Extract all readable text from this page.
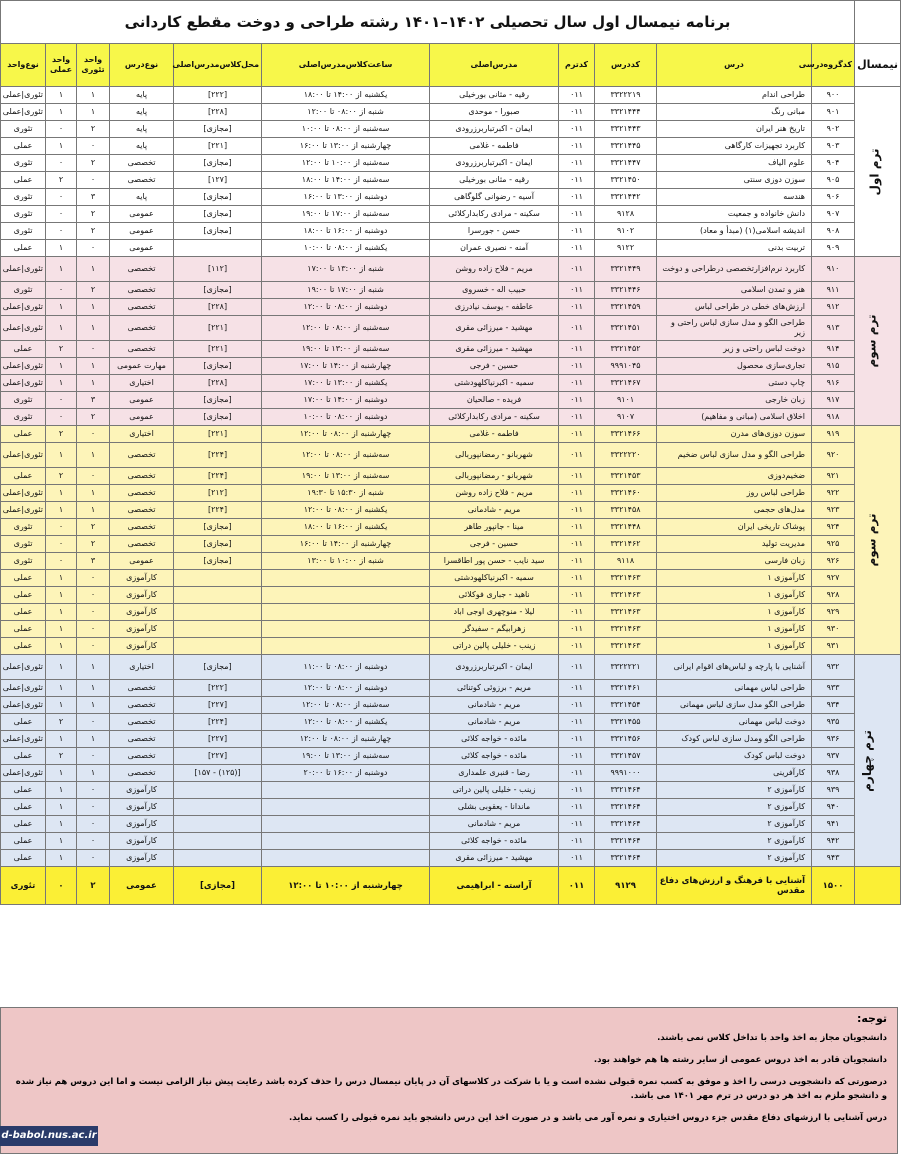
	برنامه نیمسال اول سال تحصیلی ۱۴۰۲–۱۴۰۱ رشته طراحی و دوخت مقطع کاردانی										
نیمسال	کدگروه‌درسی	درس	کددرس	کدترم	مدرس‌اصلی	ساعت‌کلاس‌مدرس‌اصلی	محل‌کلاس‌مدرس‌اصلی	نوع‌درس	واحد تئوری	واحد عملی	نوع‌واحد
ترم اول	۹۰۰	طراحی اندام	۳۳۲۲۲۱۹	۰۱۱	رقیه - مثانی بورخیلی	یکشنبه از ۱۴:۰۰ تا ۱۸:۰۰	[۲۲۲]	پایه	۱	۱	تئوری|عملی
	۹۰۱	مبانی رنگ	۳۳۲۱۴۴۴	۰۱۱	صبورا - موحدی	شنبه از ۰۸:۰۰ تا ۱۲:۰۰	[۲۲۸]	پایه	۱	۱	تئوری|عملی
	۹۰۲	تاریخ هنر ایران	۳۳۲۱۴۴۳	۰۱۱	ایمان - اکبرتباربرزرودی	سه‌شنبه از ۰۸:۰۰ تا ۱۰:۰۰	[مجازی]	پایه	۲	۰	تئوری
	۹۰۳	کاربرد تجهیزات کارگاهی	۳۳۲۱۴۴۵	۰۱۱	فاطمه - غلامی	چهارشنبه از ۱۳:۰۰ تا ۱۶:۰۰	[۲۲۱]	پایه	۰	۱	عملی
	۹۰۴	علوم الیاف	۳۳۲۱۴۴۷	۰۱۱	ایمان - اکبرتباربرزرودی	سه‌شنبه از ۱۰:۰۰ تا ۱۲:۰۰	[مجازی]	تخصصی	۲	۰	تئوری
	۹۰۵	سوزن دوزی سنتی	۳۳۲۱۴۵۰	۰۱۱	رقیه - مثانی بورخیلی	سه‌شنبه از ۱۴:۰۰ تا ۱۸:۰۰	[۱۲۷]	تخصصی	۰	۲	عملی
	۹۰۶	هندسه	۳۳۲۱۴۴۲	۰۱۱	آسیه - رضوانی گلوگاهی	دوشنبه از ۱۳:۰۰ تا ۱۶:۰۰	[مجازی]	پایه	۳	۰	تئوری
	۹۰۷	دانش خانواده و جمعیت	۹۱۲۸	۰۱۱	سکینه - مرادی رکابدارکلائی	سه‌شنبه از ۱۷:۰۰ تا ۱۹:۰۰	[مجازی]	عمومی	۲	۰	تئوری
	۹۰۸	اندیشه اسلامی(۱) (مبدأ و معاد)	۹۱۰۲	۰۱۱	حسن - جورسرا	دوشنبه از ۱۶:۰۰ تا ۱۸:۰۰	[مجازی]	عمومی	۲	۰	تئوری
	۹۰۹	تربیت بدنی	۹۱۲۲	۰۱۱	آمنه - نصیری عمران	یکشنبه از ۰۸:۰۰ تا ۱۰:۰۰		عمومی	۰	۱	عملی
ترم سوم	۹۱۰	کاربرد نرم‌افزارتخصصی درطراحی و دوخت	۳۳۲۱۴۴۹	۰۱۱	مریم - فلاح زاده روشن	شنبه از ۱۳:۰۰ تا ۱۷:۰۰	[۱۱۲]	تخصصی	۱	۱	تئوری|عملی
	۹۱۱	هنر و تمدن اسلامی	۳۳۲۱۴۴۶	۰۱۱	حبیب اله - خسروی	شنبه از ۱۷:۰۰ تا ۱۹:۰۰	[مجازی]	تخصصی	۲	۰	تئوری
	۹۱۲	ارزش‌های خطی در طراحی لباس	۳۳۲۱۴۵۹	۰۱۱	عاطفه - یوسف نیادرزی	دوشنبه از ۰۸:۰۰ تا ۱۲:۰۰	[۲۲۸]	تخصصی	۱	۱	تئوری|عملی
	۹۱۳	طراحی الگو و مدل سازی لباس راحتی و زیر	۳۳۲۱۴۵۱	۰۱۱	مهشید - میرزائی مقری	سه‌شنبه از ۰۸:۰۰ تا ۱۲:۰۰	[۲۲۱]	تخصصی	۱	۱	تئوری|عملی
	۹۱۴	دوخت لباس راحتی و زیر	۳۳۲۱۴۵۲	۰۱۱	مهشید - میرزائی مقری	سه‌شنبه از ۱۳:۰۰ تا ۱۹:۰۰	[۲۲۱]	تخصصی	۰	۲	عملی
	۹۱۵	تجاری‌سازی محصول	۹۹۹۱۰۴۵	۰۱۱	حسین - فرجی	چهارشنبه از ۱۴:۰۰ تا ۱۷:۰۰	[مجازی]	مهارت عمومی	۱	۱	تئوری|عملی
	۹۱۶	چاپ دستی	۳۳۲۱۴۶۷	۰۱۱	سمیه - اکبرنیاکلهودشتی	یکشنبه از ۱۳:۰۰ تا ۱۷:۰۰	[۲۲۸]	اختیاری	۱	۱	تئوری|عملی
	۹۱۷	زبان خارجی	۹۱۰۱	۰۱۱	فریده - صالحیان	دوشنبه از ۱۴:۰۰ تا ۱۷:۰۰	[مجازی]	عمومی	۳	۰	تئوری
	۹۱۸	اخلاق اسلامی (مبانی و مفاهیم)	۹۱۰۷	۰۱۱	سکینه - مرادی رکابدارکلائی	دوشنبه از ۰۸:۰۰ تا ۱۰:۰۰	[مجازی]	عمومی	۲	۰	تئوری
ترم سوم	۹۱۹	سوزن دوزی‌های مدرن	۳۳۲۱۴۶۶	۰۱۱	فاطمه - غلامی	چهارشنبه از ۰۸:۰۰ تا ۱۲:۰۰	[۲۲۱]	اختیاری	۰	۲	عملی
	۹۲۰	طراحی الگو و مدل سازی لباس ضخیم	۳۳۲۲۲۲۰	۰۱۱	شهربانو - رمضانپوربالی	سه‌شنبه از ۰۸:۰۰ تا ۱۲:۰۰	[۲۲۴]	تخصصی	۱	۱	تئوری|عملی
	۹۲۱	ضخیم‌دوزی	۳۳۲۱۴۵۳	۰۱۱	شهربانو - رمضانپوربالی	سه‌شنبه از ۱۳:۰۰ تا ۱۹:۰۰	[۲۲۴]	تخصصی	۰	۲	عملی
	۹۲۲	طراحی لباس روز	۳۳۲۱۴۶۰	۰۱۱	مریم - فلاح زاده روشن	شنبه از ۱۵:۳۰ تا ۱۹:۳۰	[۲۱۲]	تخصصی	۱	۱	تئوری|عملی
	۹۲۳	مدل‌های حجمی	۳۳۲۱۴۵۸	۰۱۱	مریم - شادمانی	یکشنبه از ۰۸:۰۰ تا ۱۲:۰۰	[۲۲۴]	تخصصی	۱	۱	تئوری|عملی
	۹۲۴	پوشاک تاریخی ایران	۳۳۲۱۴۴۸	۰۱۱	مینا - جانپور طاهر	یکشنبه از ۱۶:۰۰ تا ۱۸:۰۰	[مجازی]	تخصصی	۲	۰	تئوری
	۹۲۵	مدیریت تولید	۳۳۲۱۴۶۲	۰۱۱	حسین - فرجی	چهارشنبه از ۱۴:۰۰ تا ۱۶:۰۰	[مجازی]	تخصصی	۲	۰	تئوری
	۹۲۶	زبان فارسی	۹۱۱۸	۰۱۱	سید نایب - حسن پور اطاقسرا	شنبه از ۱۰:۰۰ تا ۱۳:۰۰	[مجازی]	عمومی	۳	۰	تئوری
	۹۲۷	کارآموزی ۱	۳۳۲۱۴۶۳	۰۱۱	سمیه - اکبرنیاکلهودشتی			کارآموزی	۰	۱	عملی
	۹۲۸	کارآموزی ۱	۳۳۲۱۴۶۳	۰۱۱	ناهید - جباری فوکلائی			کارآموزی	۰	۱	عملی
	۹۲۹	کارآموزی ۱	۳۳۲۱۴۶۳	۰۱۱	لیلا - منوچهری اوجی اباد			کارآموزی	۰	۱	عملی
	۹۳۰	کارآموزی ۱	۳۳۲۱۴۶۳	۰۱۱	زهرابیگم - سفیدگر			کارآموزی	۰	۱	عملی
	۹۳۱	کارآموزی ۱	۳۳۲۱۴۶۳	۰۱۱	زینب - خلیلی پالین دراتی			کارآموزی	۰	۱	عملی
ترم چهارم	۹۳۲	آشنایی با پارچه و لباس‌های اقوام ایرانی	۳۳۲۲۲۲۱	۰۱۱	ایمان - اکبرتباربرزرودی	دوشنبه از ۰۸:۰۰ تا ۱۱:۰۰	[مجازی]	اختیاری	۱	۱	تئوری|عملی
	۹۳۳	طراحی لباس مهمانی	۳۳۲۱۴۶۱	۰۱۱	مریم - برزوئی کوتنائی	دوشنبه از ۰۸:۰۰ تا ۱۲:۰۰	[۲۲۲]	تخصصی	۱	۱	تئوری|عملی
	۹۳۴	طراحی الگو مدل سازی لباس مهمانی	۳۳۲۱۴۵۴	۰۱۱	مریم - شادمانی	سه‌شنبه از ۰۸:۰۰ تا ۱۲:۰۰	[۲۲۷]	تخصصی	۱	۱	تئوری|عملی
	۹۳۵	دوخت لباس مهمانی	۳۳۲۱۴۵۵	۰۱۱	مریم - شادمانی	یکشنبه از ۰۸:۰۰ تا ۱۲:۰۰	[۲۲۴]	تخصصی	۰	۲	عملی
	۹۳۶	طراحی الگو ومدل سازی لباس کودک	۳۳۲۱۴۵۶	۰۱۱	مائده - خواجه کلائی	چهارشنبه از ۰۸:۰۰ تا ۱۲:۰۰	[۲۲۷]	تخصصی	۱	۱	تئوری|عملی
	۹۳۷	دوخت لباس کودک	۳۳۲۱۴۵۷	۰۱۱	مائده - خواجه کلائی	سه‌شنبه از ۱۳:۰۰ تا ۱۹:۰۰	[۲۲۷]	تخصصی	۰	۲	عملی
	۹۳۸	کارآفرینی	۹۹۹۱۰۰۰	۰۱۱	رضا - قنبری علمداری	دوشنبه از ۱۶:۰۰ تا ۲۰:۰۰	[(۱۲۵) - ۱۵۷]	تخصصی	۱	۱	تئوری|عملی
	۹۳۹	کارآموزی ۲	۳۳۲۱۴۶۴	۰۱۱	زینب - خلیلی پالین دراتی			کارآموزی	۰	۱	عملی
	۹۴۰	کارآموزی ۲	۳۳۲۱۴۶۴	۰۱۱	ماندانا - یعقوبی بشلی			کارآموزی	۰	۱	عملی
	۹۴۱	کارآموزی ۲	۳۳۲۱۴۶۴	۰۱۱	مریم - شادمانی			کارآموزی	۰	۱	عملی
	۹۴۲	کارآموزی ۲	۳۳۲۱۴۶۴	۰۱۱	مائده - خواجه کلائی			کارآموزی	۰	۱	عملی
	۹۴۳	کارآموزی ۲	۳۳۲۱۴۶۴	۰۱۱	مهشید - میرزائی مقری			کارآموزی	۰	۱	عملی
	۱۵۰۰	آشنایی با فرهنگ و ارزش‌های دفاع مقدس	۹۱۲۹	۰۱۱	آراسته - ابراهیمی	چهارشنبه از ۱۰:۰۰ تا ۱۲:۰۰	[مجازی]	عمومی	۲	۰	تئوری
توجه:

دانشجویان مجاز به اخذ واحد با تداخل کلاس نمی باشند.

دانشجویان قادر به اخذ دروس عمومی از سایر رشته ها هم خواهند بود.

درصورتی که دانشجویی درسی را اخذ و موفق به کسب نمره قبولی نشده است و یا با شرکت در کلاسهای آن در پایان نیمسال درس را حذف کرده باشد رعایت پیش نیاز الزامی نیست و اما این دروس هم نیاز شده و دانشجو ملزم به اخذ هر دو درس در ترم مهر ۱۴۰۱ می باشد.

درس آشنایی با ارزشهای دفاع مقدس جزء دروس اختیاری و نمره آور می باشد و در صورت اخذ این درس دانشجو باید نمره قبولی را کسب نماید.

d-babol.nus.ac.ir
